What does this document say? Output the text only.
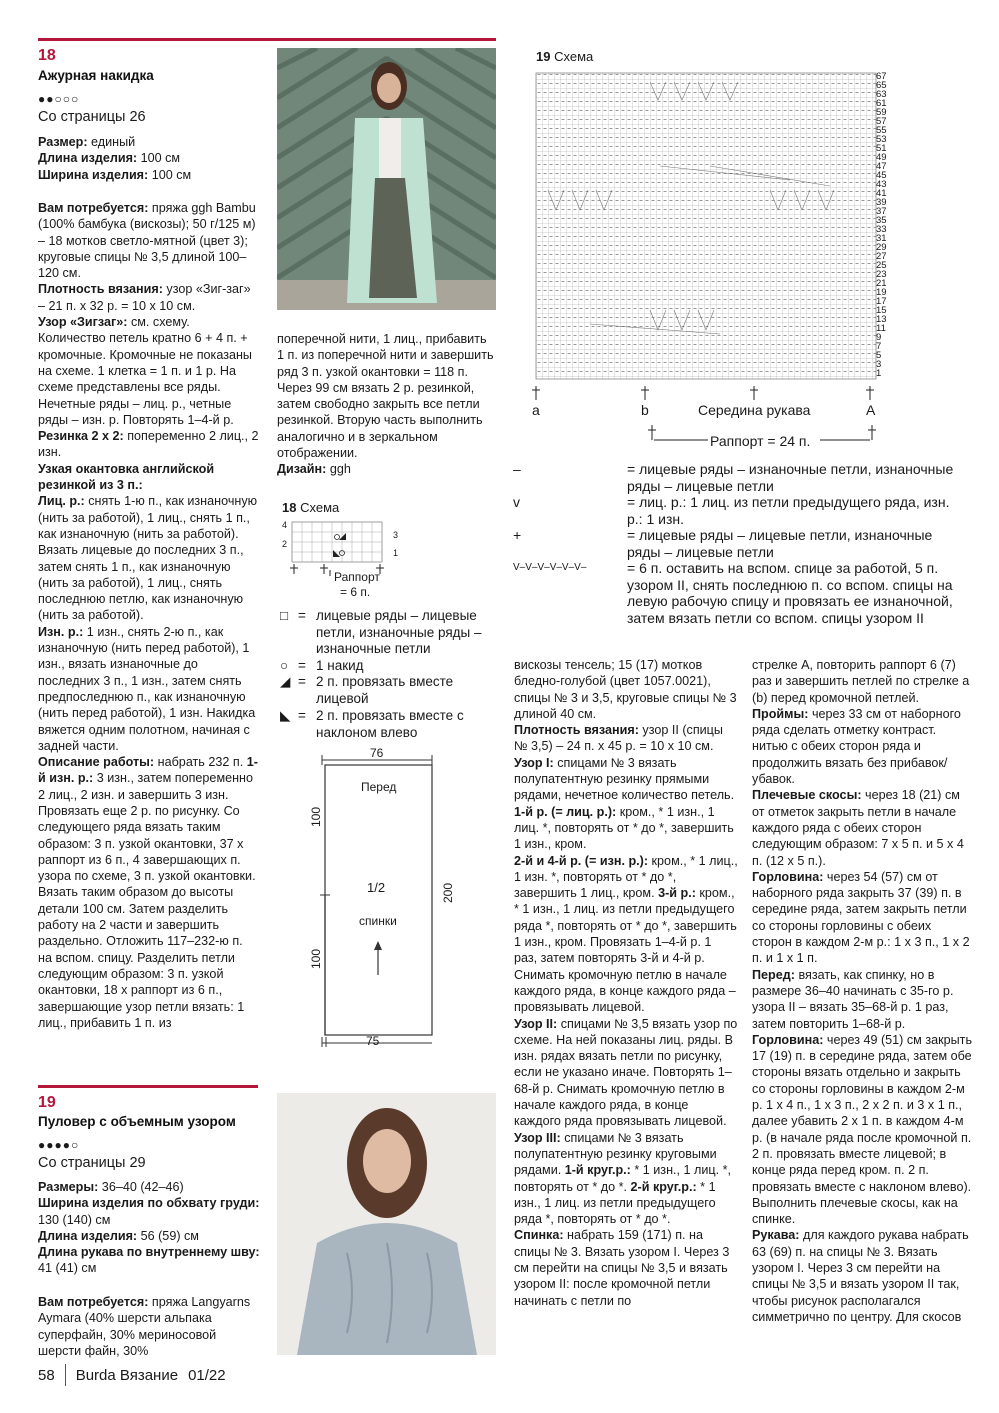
18
Ажурная накидка
●●○○○
Со страницы 26

Размер: единый

Длина изделия: 100 см

Ширина изделия: 100 см

Вам потребуется: пряжа ggh Bambu (100% бамбука (вискозы); 50 г/125 м) – 18 мотков светло-мятной (цвет 3); круговые спицы № 3,5 длиной 100–120 см.

Плотность вязания: узор «Зиг-заг» – 21 п. х 32 р. = 10 х 10 см.

Узор «Зигзаг»: см. схему. Количество петель кратно 6 + 4 п. + кромочные. Кромочные не показаны на схеме. 1 клетка = 1 п. и 1 р. На схеме представлены все ряды. Нечетные ряды – лиц. р., четные ряды – изн. р. Повторять 1–4-й р.

Резинка 2 х 2: попеременно 2 лиц., 2 изн.

Узкая окантовка английской резинкой из 3 п.:

Лиц. р.: снять 1-ю п., как изнаночную (нить за работой), 1 лиц., снять 1 п., как изнаночную (нить за работой). Вязать лицевые до последних 3 п., затем снять 1 п., как изнаночную (нить за работой), 1 лиц., снять последнюю петлю, как изнаночную (нить за работой).

Изн. р.: 1 изн., снять 2-ю п., как изнаночную (нить перед работой), 1 изн., вязать изнаночные до последних 3 п., 1 изн., затем снять предпоследнюю п., как изнаночную (нить перед работой), 1 изн. Накидка вяжется одним полотном, начиная с задней части.

Описание работы: набрать 232 п. 1-й изн. р.: 3 изн., затем попеременно 2 лиц., 2 изн. и завершить 3 изн. Провязать еще 2 р. по рисунку. Со следующего ряда вязать таким образом: 3 п. узкой окантовки, 37 х раппорт из 6 п., 4 завершающих п. узора по схеме, 3 п. узкой окантовки. Вязать таким образом до высоты детали 100 см. Затем разделить работу на 2 части и завершить раздельно. Отложить 117–232-ю п. на вспом. спицу. Разделить петли следующим образом: 3 п. узкой окантовки, 18 х раппорт из 6 п., завершающие узор петли вязать: 1 лиц., прибавить 1 п. из

поперечной нити, 1 лиц., прибавить 1 п. из поперечной нити и завершить ряд 3 п. узкой окантовки = 118 п. Через 99 см вязать 2 р. резинкой, затем свободно закрыть все петли резинкой. Вторую часть выполнить аналогично и в зеркальном отображении.

Дизайн: ggh

18 Схема
4
2
3
1
Раппорт
= 6 п.
□ = лицевые ряды – лицевые петли, изнаночные ряды – изнаночные петли
○ = 1 накид
◢ = 2 п. провязать вместе лицевой
◣ = 2 п. провязать вместе с наклоном влево
76
75
100
100
200
Перед
1/2
спинки
19
Пуловер с объемным узором
●●●●○
Со страницы 29

Размеры: 36–40 (42–46)

Ширина изделия по обхвату груди: 130 (140) см

Длина изделия: 56 (59) см

Длина рукава по внутреннему шву: 41 (41) см

Вам потребуется: пряжа Langyarns Aymara (40% шерсти альпака суперфайн, 30% мериносовой шерсти файн, 30%

19 Схема
67
65
63
61
59
57
55
53
51
49
47
45
43
41
39
37
35
33
31
29
27
25
23
21
19
17
15
13
11
9
7
5
3
1
a	b	Середина рукава	A
Раппорт = 24 п.
–	= лицевые ряды – изнаночные петли, изнаночные ряды – лицевые петли
v	= лиц. р.: 1 лиц. из петли предыдущего ряда, изн. р.: 1 изн.
+	= лицевые ряды – лицевые петли, изнаночные ряды – лицевые петли
V–V–V–V–V–V–	= 6 п. оставить на вспом. спице за работой, 5 п. узором II, снять последнюю п. со вспом. спицы на левую рабочую спицу и провязать ее изнаночной, затем вязать петли со вспом. спицы узором II

вискозы тенсель; 15 (17) мотков бледно-голубой (цвет 1057.0021), спицы № 3 и 3,5, круговые спицы № 3 длиной 40 см.

Плотность вязания: узор II (спицы № 3,5) – 24 п. х 45 р. = 10 х 10 см.

Узор I: спицами № 3 вязать полупатентную резинку прямыми рядами, нечетное количество петель. 1-й р. (= лиц. р.): кром., * 1 изн., 1 лиц. *, повторять от * до *, завершить 1 изн., кром.

2-й и 4-й р. (= изн. р.): кром., * 1 лиц., 1 изн. *, повторять от * до *, завершить 1 лиц., кром. 3-й р.: кром., * 1 изн., 1 лиц. из петли предыдущего ряда *, повторять от * до *, завершить 1 изн., кром. Провязать 1–4-й р. 1 раз, затем повторять 3-й и 4-й р. Снимать кромочную петлю в начале каждого ряда, в конце каждого ряда – провязывать лицевой.

Узор II: спицами № 3,5 вязать узор по схеме. На ней показаны лиц. ряды. В изн. рядах вязать петли по рисунку, если не указано иначе. Повторять 1–68-й р. Снимать кромочную петлю в начале каждого ряда, в конце каждого ряда провязывать лицевой.

Узор III: спицами № 3 вязать полупатентную резинку круговыми рядами. 1-й круг.р.: * 1 изн., 1 лиц. *, повторять от * до *. 2-й круг.р.: * 1 изн., 1 лиц. из петли предыдущего ряда *, повторять от * до *.

Спинка: набрать 159 (171) п. на спицы № 3. Вязать узором I. Через 3 см перейти на спицы № 3,5 и вязать узором II: после кромочной петли начинать с петли по

стрелке А, повторить раппорт 6 (7) раз и завершить петлей по стрелке а (b) перед кромочной петлей.

Проймы: через 33 см от наборного ряда сделать отметку контраст. нитью с обеих сторон ряда и продолжить вязать без прибавок/убавок.

Плечевые скосы: через 18 (21) см от отметок закрыть петли в начале каждого ряда с обеих сторон следующим образом: 7 х 5 п. и 5 х 4 п. (12 х 5 п.).

Горловина: через 54 (57) см от наборного ряда закрыть 37 (39) п. в середине ряда, затем закрыть петли со стороны горловины с обеих сторон в каждом 2-м р.: 1 х 3 п., 1 х 2 п. и 1 х 1 п.

Перед: вязать, как спинку, но в размере 36–40 начинать с 35-го р. узора II – вязать 35–68-й р. 1 раз, затем повторить 1–68-й р.

Горловина: через 49 (51) см закрыть 17 (19) п. в середине ряда, затем обе стороны вязать отдельно и закрыть со стороны горловины в каждом 2-м р. 1 х 4 п., 1 х 3 п., 2 х 2 п. и 3 х 1 п., далее убавить 2 х 1 п. в каждом 4-м р. (в начале ряда после кромочной п. 2 п. провязать вместе лицевой; в конце ряда перед кром. п. 2 п. провязать вместе с наклоном влево). Выполнить плечевые скосы, как на спинке.

Рукава: для каждого рукава набрать 63 (69) п. на спицы № 3. Вязать узором I. Через 3 см перейти на спицы № 3,5 и вязать узором II так, чтобы рисунок располагался симметрично по центру. Для скосов

58 Burda Вязание 01/22
